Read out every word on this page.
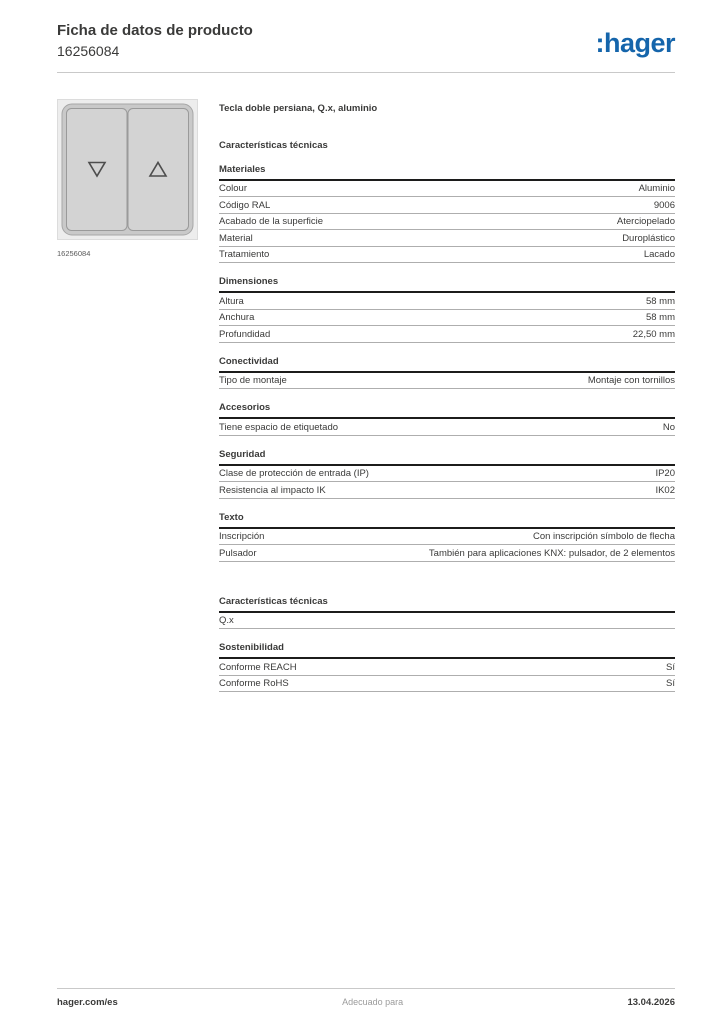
Ficha de datos de producto
16256084	:hager
16256084
Tecla doble persiana, Q.x, aluminio
Características técnicas
Materiales
Colour	Aluminio
Código RAL	9006
Acabado de la superficie	Aterciopelado
Material	Duroplástico
Tratamiento	Lacado
Dimensiones
Altura	58 mm
Anchura	58 mm
Profundidad	22,50 mm
Conectividad
Tipo de montaje	Montaje con tornillos
Accesorios
Tiene espacio de etiquetado	No
Seguridad
Clase de protección de entrada (IP)	IP20
Resistencia al impacto IK	IK02
Texto
Inscripción	Con inscripción símbolo de flecha
Pulsador	También para aplicaciones KNX: pulsador, de 2 elementos
Características técnicas
Q.x
Sostenibilidad
Conforme REACH	Sí
Conforme RoHS	Sí
hager.com/es	Adecuado para	13.04.2026
